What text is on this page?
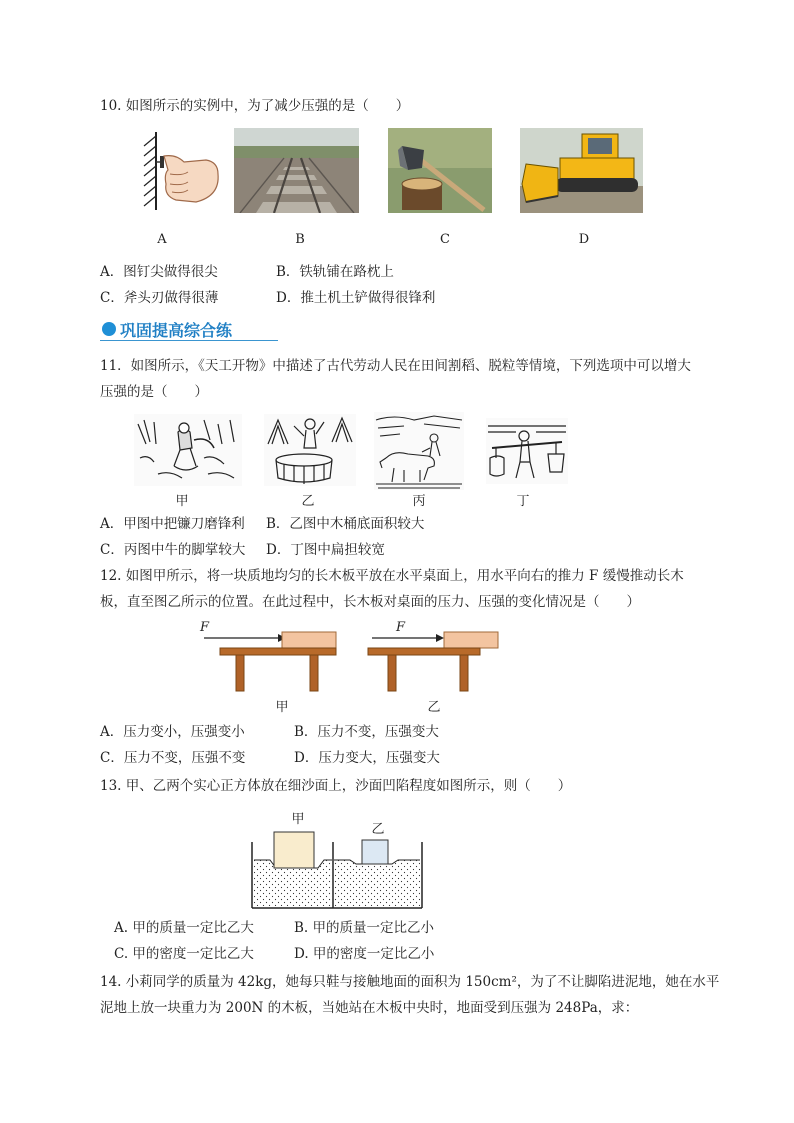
10. 如图所示的实例中，为了减少压强的是（　　）
A	B	C	D
A．图钉尖做得很尖	B．铁轨铺在路枕上
C．斧头刃做得很薄	D．推土机土铲做得很锋利
巩固提高综合练
11．如图所示，《天工开物》中描述了古代劳动人民在田间割稻、脱粒等情境，下列选项中可以增大
压强的是（　　）
甲	乙	丙	丁
A．甲图中把镰刀磨锋利 B．乙图中木桶底面积较大
C．丙图中牛的脚掌较大 D．丁图中扁担较宽
12. 如图甲所示，将一块质地均匀的长木板平放在水平桌面上，用水平向右的推力 F 缓慢推动长木
板，直至图乙所示的位置。在此过程中，长木板对桌面的压力、压强的变化情况是（　　）
F	F
甲	乙
A．压力变小，压强变小	B．压力不变，压强变大
C．压力不变，压强不变	D．压力变大，压强变大
13. 甲、乙两个实心正方体放在细沙面上，沙面凹陷程度如图所示，则（　　）
甲
乙
A. 甲的质量一定比乙大	B. 甲的质量一定比乙小
C. 甲的密度一定比乙大	D. 甲的密度一定比乙小
14. 小莉同学的质量为 42kg，她每只鞋与接触地面的面积为 150cm²，为了不让脚陷进泥地，她在水平
泥地上放一块重力为 200N 的木板，当她站在木板中央时，地面受到压强为 248Pa，求：
